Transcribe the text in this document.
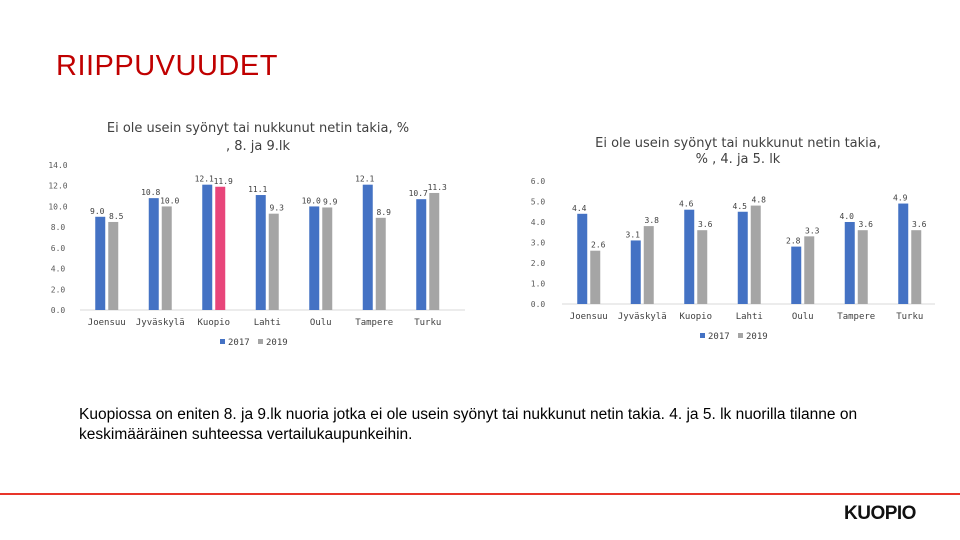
RIIPPUVUUDET
Ei ole usein syönyt tai nukkunut netin takia, %
, 8. ja 9.lk
0.0
2.0
4.0
6.0
8.0
10.0
12.0
14.0
9.0
8.5
Joensuu
10.8
10.0
Jyväskylä
12.1 11.9
Kuopio
11.1
9.3
Lahti
10.0 9.9
Oulu
12.1
8.9
Tampere
10.7
11.3
Turku
2017 2019
Ei ole usein syönyt tai nukkunut netin takia,
% , 4. ja 5. lk
0.0
1.0
2.0
3.0
4.0
5.0
6.0
4.4
2.6
Joensuu
3.1
3.8
Jyväskylä
4.6
3.6
Kuopio
4.5
4.8
Lahti
2.8
3.3
Oulu
4.0
3.6
Tampere
4.9
3.6
Turku
2017 2019
Kuopiossa on eniten 8. ja 9.lk nuoria jotka ei ole usein syönyt tai nukkunut netin takia. 4. ja 5. lk nuorilla tilanne on keskimääräinen suhteessa vertailukaupunkeihin.
KUOPIO
